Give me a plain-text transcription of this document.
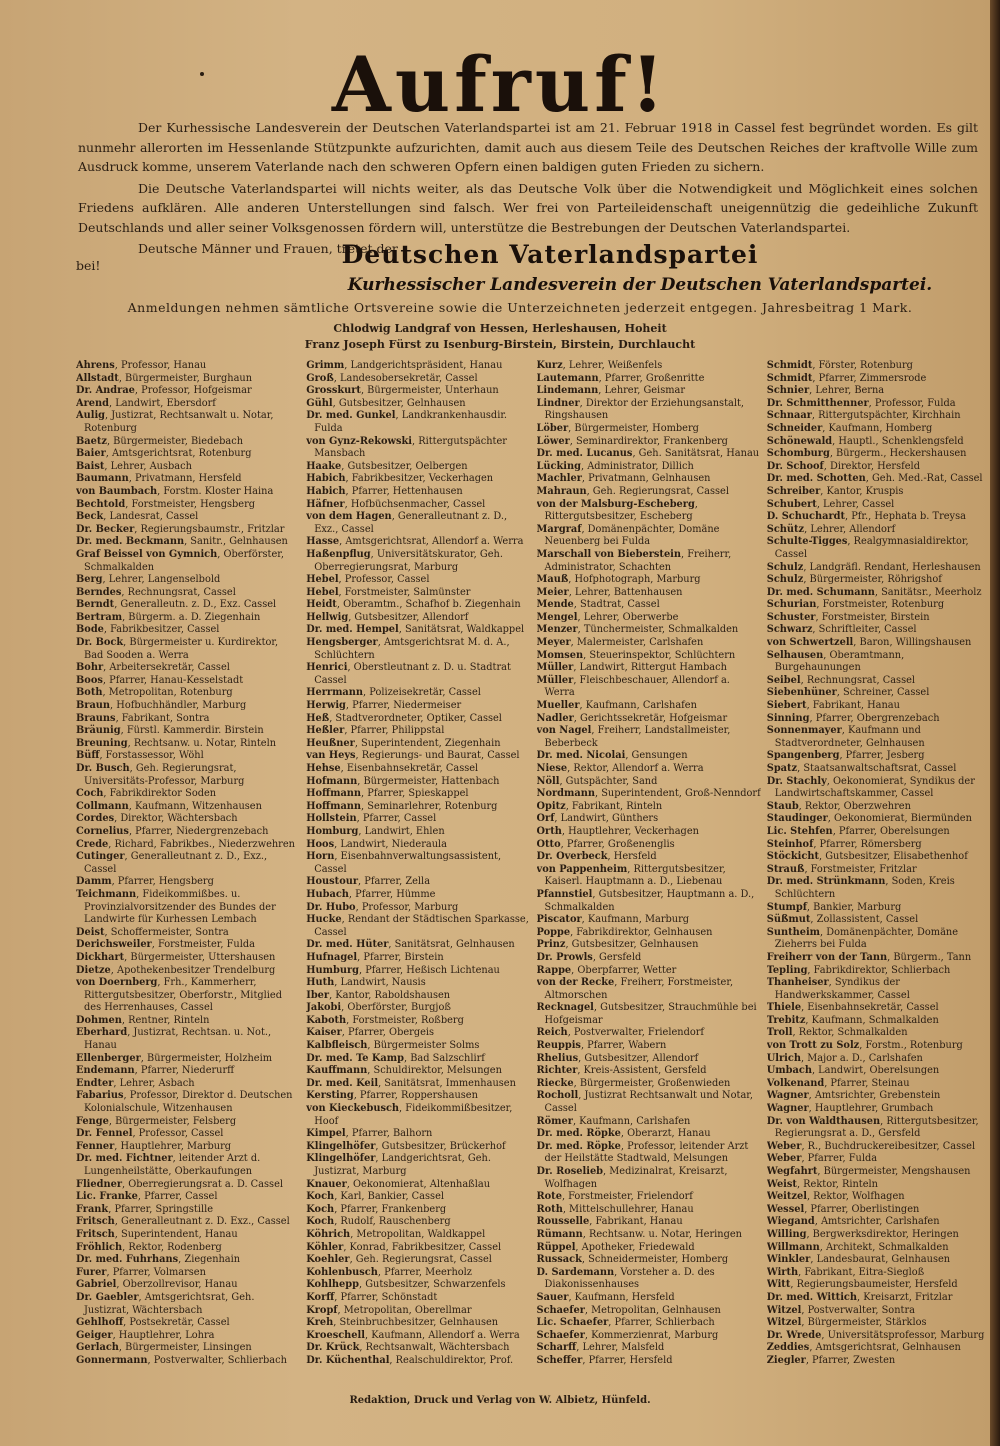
Aufruf!

Der Kurhessische Landesverein der Deutschen Vaterlandspartei ist am 21. Februar 1918 in Cassel fest begründet worden. Es gilt nunmehr allerorten im Hessenlande Stützpunkte aufzurichten, damit auch aus diesem Teile des Deutschen Reiches der kraftvolle Wille zum Ausdruck komme, unserem Vaterlande nach den schweren Opfern einen baldigen guten Frieden zu sichern.

Die Deutsche Vaterlandspartei will nichts weiter, als das Deutsche Volk über die Notwendigkeit und Möglichkeit eines solchen Friedens aufklären. Alle anderen Unterstellungen sind falsch. Wer frei von Parteileidenschaft uneigennützig die gedeihliche Zukunft Deutschlands und aller seiner Volksgenossen fördern will, unterstütze die Bestrebungen der Deutschen Vaterlandspartei.

Deutsche Männer und Frauen, tretet der

Deutschen Vaterlandspartei
bei!
Kurhessischer Landesverein der Deutschen Vaterlandspartei.
Anmeldungen nehmen sämtliche Ortsvereine sowie die Unterzeichneten jederzeit entgegen. Jahresbeitrag 1 Mark.
Chlodwig Landgraf von Hessen, Herleshausen, Hoheit
Franz Joseph Fürst zu Isenburg-Birstein, Birstein, Durchlaucht

Ahrens, Professor, Hanau

Allstadt, Bürgermeister, Burghaun

Dr. Andrae, Professor, Hofgeismar

Arend, Landwirt, Ebersdorf

Aulig, Justizrat, Rechtsanwalt u. Notar, Rotenburg

Baetz, Bürgermeister, Biedebach

Baier, Amtsgerichtsrat, Rotenburg

Baist, Lehrer, Ausbach

Baumann, Privatmann, Hersfeld

von Baumbach, Forstm. Kloster Haina

Bechtold, Forstmeister, Hengsberg

Beck, Landesrat, Cassel

Dr. Becker, Regierungsbaumstr., Fritzlar

Dr. med. Beckmann, Sanitr., Gelnhausen

Graf Beissel von Gymnich, Oberförster, Schmalkalden

Berg, Lehrer, Langenselbold

Berndes, Rechnungsrat, Cassel

Berndt, Generalleutn. z. D., Exz. Cassel

Bertram, Bürgerm. a. D. Ziegenhain

Bode, Fabrikbesitzer, Cassel

Dr. Bock, Bürgermeister u. Kurdirektor, Bad Sooden a. Werra

Bohr, Arbeitersekretär, Cassel

Boos, Pfarrer, Hanau-Kesselstadt

Both, Metropolitan, Rotenburg

Braun, Hofbuchhändler, Marburg

Brauns, Fabrikant, Sontra

Bräunig, Fürstl. Kammerdir. Birstein

Breuning, Rechtsanw. u. Notar, Rinteln

Büff, Forstassessor, Wöhl

Dr. Busch, Geh. Regierungsrat, Universitäts-Professor, Marburg

Coch, Fabrikdirektor Soden

Collmann, Kaufmann, Witzenhausen

Cordes, Direktor, Wächtersbach

Cornelius, Pfarrer, Niedergrenzebach

Crede, Richard, Fabrikbes., Niederzwehren

Cutinger, Generalleutnant z. D., Exz., Cassel

Damm, Pfarrer, Hengsberg

Teichmann, Fideikommißbes. u. Provinzialvorsitzender des Bundes der Landwirte für Kurhessen Lembach

Deist, Schoffermeister, Sontra

Derichsweiler, Forstmeister, Fulda

Dickhart, Bürgermeister, Uttershausen

Dietze, Apothekenbesitzer Trendelburg

von Doernberg, Frh., Kammerherr, Rittergutsbesitzer, Oberforstr., Mitglied des Herrenhauses, Cassel

Dohmen, Rentner, Rinteln

Eberhard, Justizrat, Rechtsan. u. Not., Hanau

Ellenberger, Bürgermeister, Holzheim

Endemann, Pfarrer, Niederurff

Endter, Lehrer, Asbach

Fabarius, Professor, Direktor d. Deutschen Kolonialschule, Witzenhausen

Fenge, Bürgermeister, Felsberg

Dr. Fennel, Professor, Cassel

Fenner, Hauptlehrer, Marburg

Dr. med. Fichtner, leitender Arzt d. Lungenheilstätte, Oberkaufungen

Fliedner, Oberregierungsrat a. D. Cassel

Lic. Franke, Pfarrer, Cassel

Frank, Pfarrer, Springstille

Fritsch, Generalleutnant z. D. Exz., Cassel

Fritsch, Superintendent, Hanau

Fröhlich, Rektor, Rodenberg

Dr. med. Fuhrhans, Ziegenhain

Furer, Pfarrer, Volmarsen

Gabriel, Oberzollrevisor, Hanau

Dr. Gaebler, Amtsgerichtsrat, Geh. Justizrat, Wächtersbach

Gehlhoff, Postsekretär, Cassel

Geiger, Hauptlehrer, Lohra

Gerlach, Bürgermeister, Linsingen

Gonnermann, Postverwalter, Schlierbach

Grimm, Landgerichtspräsident, Hanau

Groß, Landesobersekretär, Cassel

Grosskurt, Bürgermeister, Unterhaun

Gühl, Gutsbesitzer, Gelnhausen

Dr. med. Gunkel, Landkrankenhausdir. Fulda

von Gynz-Rekowski, Rittergutspächter Mansbach

Haake, Gutsbesitzer, Oelbergen

Habich, Fabrikbesitzer, Veckerhagen

Habich, Pfarrer, Hettenhausen

Häfner, Hofbüchsenmacher, Cassel

von dem Hagen, Generalleutnant z. D., Exz., Cassel

Hasse, Amtsgerichtsrat, Allendorf a. Werra

Haßenpflug, Universitätskurator, Geh. Oberregierungsrat, Marburg

Hebel, Professor, Cassel

Hebel, Forstmeister, Salmünster

Heidt, Oberamtm., Schafhof b. Ziegenhain

Hellwig, Gutsbesitzer, Allendorf

Dr. med. Hempel, Sanitätsrat, Waldkappel

Hengsberger, Amtsgerichtsrat M. d. A., Schlüchtern

Henrici, Oberstleutnant z. D. u. Stadtrat Cassel

Herrmann, Polizeisekretär, Cassel

Herwig, Pfarrer, Niedermeiser

Heß, Stadtverordneter, Optiker, Cassel

Heßler, Pfarrer, Philippstal

Heußner, Superintendent, Ziegenhain

van Heys, Regierungs- und Baurat, Cassel

Hehse, Eisenbahnsekretär, Cassel

Hofmann, Bürgermeister, Hattenbach

Hoffmann, Pfarrer, Spieskappel

Hoffmann, Seminarlehrer, Rotenburg

Hollstein, Pfarrer, Cassel

Homburg, Landwirt, Ehlen

Hoos, Landwirt, Niederaula

Horn, Eisenbahnverwaltungsassistent, Cassel

Houstour, Pfarrer, Zella

Hubach, Pfarrer, Hümme

Dr. Hubo, Professor, Marburg

Hucke, Rendant der Städtischen Sparkasse, Cassel

Dr. med. Hüter, Sanitätsrat, Gelnhausen

Hufnagel, Pfarrer, Birstein

Humburg, Pfarrer, Heßisch Lichtenau

Huth, Landwirt, Nausis

Iber, Kantor, Raboldshausen

Jakobi, Oberförster, Burgjoß

Kaboth, Forstmeister, Roßberg

Kaiser, Pfarrer, Obergeis

Kalbfleisch, Bürgermeister Solms

Dr. med. Te Kamp, Bad Salzschlirf

Kauffmann, Schuldirektor, Melsungen

Dr. med. Keil, Sanitätsrat, Immenhausen

Kersting, Pfarrer, Roppershausen

von Kieckebusch, Fideikommißbesitzer, Hoof

Kimpel, Pfarrer, Balhorn

Klingelhöfer, Gutsbesitzer, Brückerhof

Klingelhöfer, Landgerichtsrat, Geh. Justizrat, Marburg

Knauer, Oekonomierat, Altenhaßlau

Koch, Karl, Bankier, Cassel

Koch, Pfarrer, Frankenberg

Koch, Rudolf, Rauschenberg

Köhrich, Metropolitan, Waldkappel

Köhler, Konrad, Fabrikbesitzer, Cassel

Koehler, Geh. Regierungsrat, Cassel

Kohlenbusch, Pfarrer, Meerholz

Kohlhepp, Gutsbesitzer, Schwarzenfels

Korff, Pfarrer, Schönstadt

Kropf, Metropolitan, Oberellmar

Kreh, Steinbruchbesitzer, Gelnhausen

Kroeschell, Kaufmann, Allendorf a. Werra

Dr. Krück, Rechtsanwalt, Wächtersbach

Dr. Küchenthal, Realschuldirektor, Prof.

Kurz, Lehrer, Weißenfels

Lautemann, Pfarrer, Großenritte

Lindemann, Lehrer, Geismar

Lindner, Direktor der Erziehungsanstalt, Ringshausen

Löber, Bürgermeister, Homberg

Löwer, Seminardirektor, Frankenberg

Dr. med. Lucanus, Geh. Sanitätsrat, Hanau

Lücking, Administrator, Dillich

Machler, Privatmann, Gelnhausen

Mahraun, Geh. Regierungsrat, Cassel

von der Malsburg-Escheberg, Rittergutsbesitzer, Escheberg

Margraf, Domänenpächter, Domäne Neuenberg bei Fulda

Marschall von Bieberstein, Freiherr, Administrator, Schachten

Mauß, Hofphotograph, Marburg

Meier, Lehrer, Battenhausen

Mende, Stadtrat, Cassel

Mengel, Lehrer, Oberwerbe

Menzer, Tünchermeister, Schmalkalden

Meyer, Malermeister, Carlshafen

Momsen, Steuerinspektor, Schlüchtern

Müller, Landwirt, Rittergut Hambach

Müller, Fleischbeschauer, Allendorf a. Werra

Mueller, Kaufmann, Carlshafen

Nadler, Gerichtssekretär, Hofgeismar

von Nagel, Freiherr, Landstallmeister, Beberbeck

Dr. med. Nicolai, Gensungen

Niese, Rektor, Allendorf a. Werra

Nöll, Gutspächter, Sand

Nordmann, Superintendent, Groß-Nenndorf

Opitz, Fabrikant, Rinteln

Orf, Landwirt, Günthers

Orth, Hauptlehrer, Veckerhagen

Otto, Pfarrer, Großenenglis

Dr. Overbeck, Hersfeld

von Pappenheim, Rittergutsbesitzer, Kaiserl. Hauptmann a. D., Liebenau

Pfannstiel, Gutsbesitzer, Hauptmann a. D., Schmalkalden

Piscator, Kaufmann, Marburg

Poppe, Fabrikdirektor, Gelnhausen

Prinz, Gutsbesitzer, Gelnhausen

Dr. Prowls, Gersfeld

Rappe, Oberpfarrer, Wetter

von der Recke, Freiherr, Forstmeister, Altmorschen

Recknagel, Gutsbesitzer, Strauchmühle bei Hofgeismar

Reich, Postverwalter, Frielendorf

Reuppis, Pfarrer, Wabern

Rhelius, Gutsbesitzer, Allendorf

Richter, Kreis-Assistent, Gersfeld

Riecke, Bürgermeister, Großenwieden

Rocholl, Justizrat Rechtsanwalt und Notar, Cassel

Römer, Kaufmann, Carlshafen

Dr. med. Röpke, Oberarzt, Hanau

Dr. med. Röpke, Professor, leitender Arzt der Heilstätte Stadtwald, Melsungen

Dr. Roselieb, Medizinalrat, Kreisarzt, Wolfhagen

Rote, Forstmeister, Frielendorf

Roth, Mittelschullehrer, Hanau

Rousselle, Fabrikant, Hanau

Rümann, Rechtsanw. u. Notar, Heringen

Rüppel, Apotheker, Friedewald

Russack, Schneidermeister, Homberg

D. Sardemann, Vorsteher a. D. des Diakonissenhauses

Sauer, Kaufmann, Hersfeld

Schaefer, Metropolitan, Gelnhausen

Lic. Schaefer, Pfarrer, Schlierbach

Schaefer, Kommerzienrat, Marburg

Scharff, Lehrer, Malsfeld

Scheffer, Pfarrer, Hersfeld

Schmidt, Förster, Rotenburg

Schmidt, Pfarrer, Zimmersrode

Schnier, Lehrer, Berna

Dr. Schmitthenner, Professor, Fulda

Schnaar, Rittergutspächter, Kirchhain

Schneider, Kaufmann, Homberg

Schönewald, Hauptl., Schenklengsfeld

Schomburg, Bürgerm., Heckershausen

Dr. Schoof, Direktor, Hersfeld

Dr. med. Schotten, Geh. Med.-Rat, Cassel

Schreiber, Kantor, Kruspis

Schubert, Lehrer, Cassel

D. Schuchardt, Pfr., Hephata b. Treysa

Schütz, Lehrer, Allendorf

Schulte-Tigges, Realgymnasialdirektor, Cassel

Schulz, Landgräfl. Rendant, Herleshausen

Schulz, Bürgermeister, Röhrigshof

Dr. med. Schumann, Sanitätsr., Meerholz

Schurian, Forstmeister, Rotenburg

Schuster, Forstmeister, Birstein

Schwarz, Schriftleiter, Cassel

von Schwertzell, Baron, Willingshausen

Selhausen, Oberamtmann, Burgehaunungen

Seibel, Rechnungsrat, Cassel

Siebenhüner, Schreiner, Cassel

Siebert, Fabrikant, Hanau

Sinning, Pfarrer, Obergrenzebach

Sonnenmayer, Kaufmann und Stadtverordneter, Gelnhausen

Spangenberg, Pfarrer, Jesberg

Spatz, Staatsanwaltschaftsrat, Cassel

Dr. Stachly, Oekonomierat, Syndikus der Landwirtschaftskammer, Cassel

Staub, Rektor, Oberzwehren

Staudinger, Oekonomierat, Biermünden

Lic. Stehfen, Pfarrer, Oberelsungen

Steinhof, Pfarrer, Römersberg

Stöckicht, Gutsbesitzer, Elisabethenhof

Strauß, Forstmeister, Fritzlar

Dr. med. Strünkmann, Soden, Kreis Schlüchtern

Stumpf, Bankier, Marburg

Süßmut, Zollassistent, Cassel

Suntheim, Domänenpächter, Domäne Zieherrs bei Fulda

Freiherr von der Tann, Bürgerm., Tann

Tepling, Fabrikdirektor, Schlierbach

Thanheiser, Syndikus der Handwerkskammer, Cassel

Thiele, Eisenbahnsekretär, Cassel

Trebitz, Kaufmann, Schmalkalden

Troll, Rektor, Schmalkalden

von Trott zu Solz, Forstm., Rotenburg

Ulrich, Major a. D., Carlshafen

Umbach, Landwirt, Oberelsungen

Volkenand, Pfarrer, Steinau

Wagner, Amtsrichter, Grebenstein

Wagner, Hauptlehrer, Grumbach

Dr. von Waldthausen, Rittergutsbesitzer, Regierungsrat a. D., Gersfeld

Weber, R., Buchdruckereibesitzer, Cassel

Weber, Pfarrer, Fulda

Wegfahrt, Bürgermeister, Mengshausen

Weist, Rektor, Rinteln

Weitzel, Rektor, Wolfhagen

Wessel, Pfarrer, Oberlistingen

Wiegand, Amtsrichter, Carlshafen

Willing, Bergwerksdirektor, Heringen

Willmann, Architekt, Schmalkalden

Winkler, Landesbaurat, Gelnhausen

Wirth, Fabrikant, Eitra-Siegloß

Witt, Regierungsbaumeister, Hersfeld

Dr. med. Wittich, Kreisarzt, Fritzlar

Witzel, Postverwalter, Sontra

Witzel, Bürgermeister, Stärklos

Dr. Wrede, Universitätsprofessor, Marburg

Zeddies, Amtsgerichtsrat, Gelnhausen

Ziegler, Pfarrer, Zwesten

Redaktion, Druck und Verlag von W. Albietz, Hünfeld.
